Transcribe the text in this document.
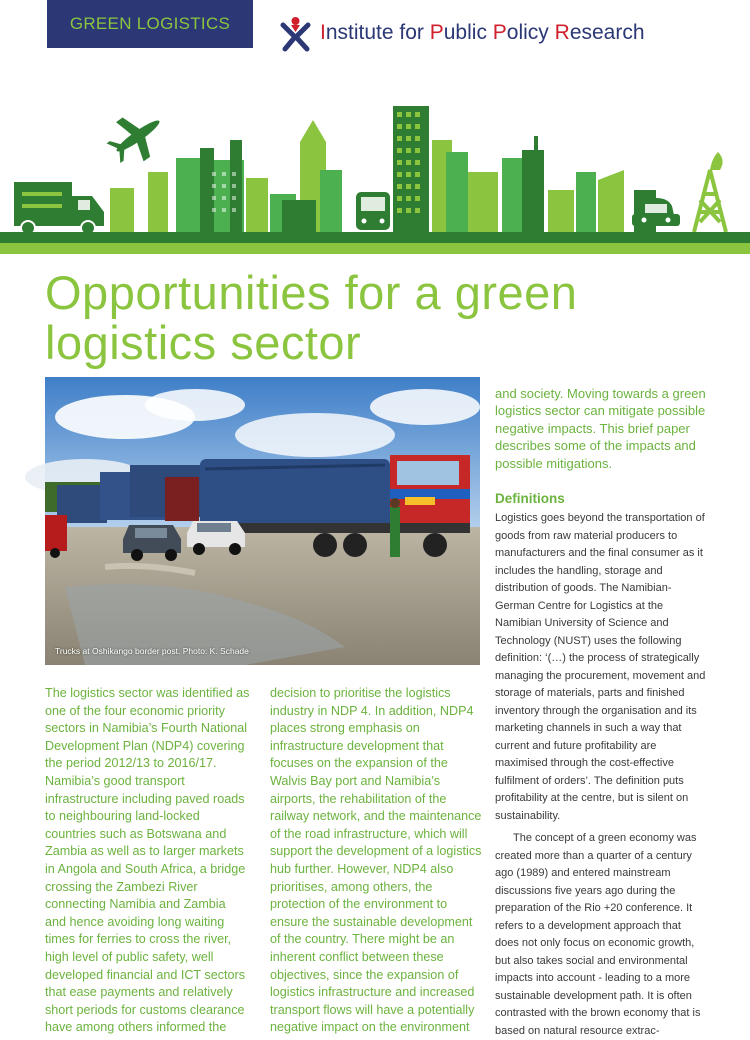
GREEN LOGISTICS	Institute for Public Policy Research
Opportunities for a green logistics sector
Trucks at Oshikango border post. Photo: K. Schade

The logistics sector was identified as one of the four economic priority sectors in Namibia’s Fourth National Development Plan (NDP4) covering the period 2012/13 to 2016/17. Namibia’s good transport infrastructure including paved roads to neighbouring land-locked countries such as Botswana and Zambia as well as to larger markets in Angola and South Africa, a bridge crossing the Zambezi River connecting Namibia and Zambia and hence avoiding long waiting times for ferries to cross the river, high level of public safety, well developed financial and ICT sectors that ease payments and relatively short periods for customs clearance have among others informed the

decision to prioritise the logistics industry in NDP 4. In addition, NDP4 places strong emphasis on infrastructure development that focuses on the expansion of the Walvis Bay port and Namibia’s airports, the rehabilitation of the railway network, and the maintenance of the road infrastructure, which will support the development of a logistics hub further. However, NDP4 also prioritises, among others, the protection of the environment to ensure the sustainable development of the country. There might be an inherent conflict between these objectives, since the expansion of logistics infrastructure and increased transport flows will have a potentially negative impact on the environment

and society. Moving towards a green logistics sector can mitigate possible negative impacts. This brief paper describes some of the impacts and possible mitigations.

Definitions

Logistics goes beyond the transportation of goods from raw material producers to manufacturers and the final consumer as it includes the handling, storage and distribution of goods. The Namibian-German Centre for Logistics at the Namibian University of Science and Technology (NUST) uses the following definition: ‘(…) the process of strategically managing the procurement, movement and storage of materials, parts and finished inventory through the organisation and its marketing channels in such a way that current and future profitability are maximised through the cost-effective fulfilment of orders’. The definition puts profitability at the centre, but is silent on sustainability.

The concept of a green economy was created more than a quarter of a century ago (1989) and entered mainstream discussions five years ago during the preparation of the Rio +20 conference. It refers to a development approach that does not only focus on economic growth, but also takes social and environmental impacts into account - leading to a more sustainable development path. It is often contrasted with the brown economy that is based on natural resource extrac-
